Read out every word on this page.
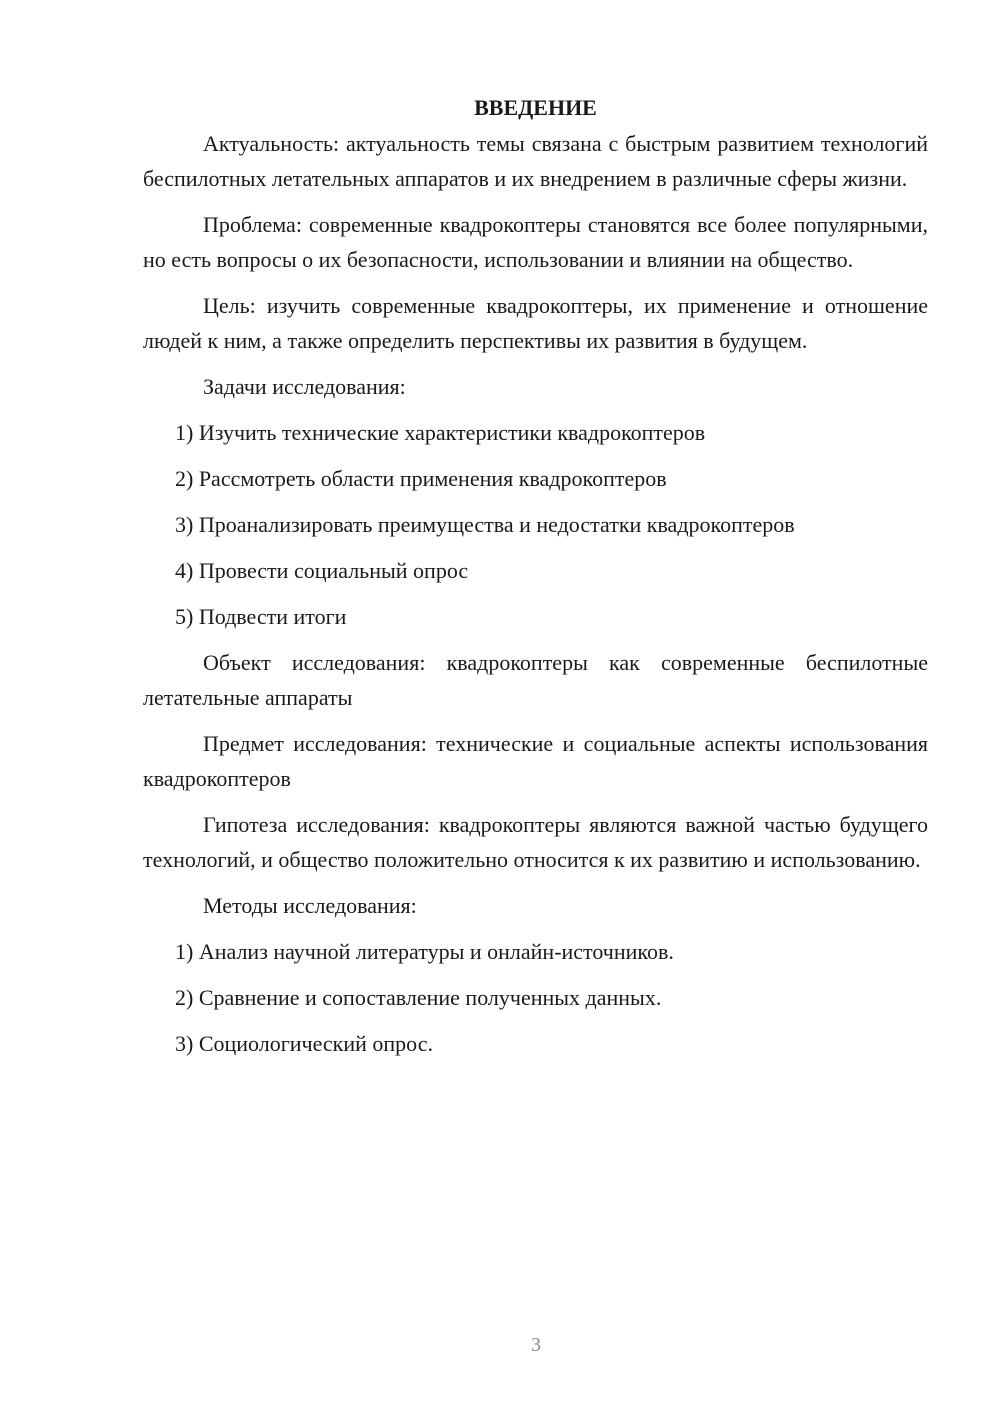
ВВЕДЕНИЕ

Актуальность: актуальность темы связана с быстрым развитием технологий беспилотных летательных аппаратов и их внедрением в различные сферы жизни.

Проблема: современные квадрокоптеры становятся все более популярными, но есть вопросы о их безопасности, использовании и влиянии на общество.

Цель: изучить современные квадрокоптеры, их применение и отношение людей к ним, а также определить перспективы их развития в будущем.

Задачи исследования:

1) Изучить технические характеристики квадрокоптеров

2) Рассмотреть области применения квадрокоптеров

3) Проанализировать преимущества и недостатки квадрокоптеров

4) Провести социальный опрос

5) Подвести итоги

Объект исследования: квадрокоптеры как современные беспилотные летательные аппараты

Предмет исследования: технические и социальные аспекты использования квадрокоптеров

Гипотеза исследования: квадрокоптеры являются важной частью будущего технологий, и общество положительно относится к их развитию и использованию.

Методы исследования:

1) Анализ научной литературы и онлайн-источников.

2) Сравнение и сопоставление полученных данных.

3) Социологический опрос.

3
